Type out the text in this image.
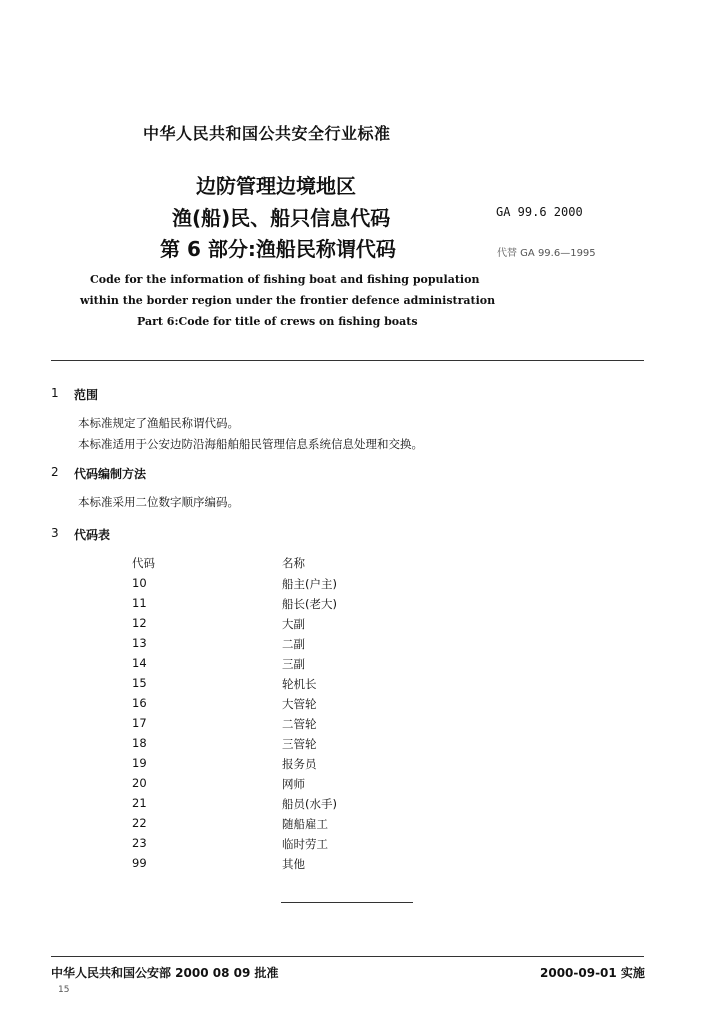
中华人民共和国公共安全行业标准
边防管理边境地区
渔(船)民、船只信息代码
第 6 部分:渔船民称谓代码
GA 99.6 2000
代替 GA 99.6—1995
Code for the information of fishing boat and fishing population
within the border region under the frontier defence administration
Part 6:Code for title of crews on fishing boats
1 范围
本标准规定了渔船民称谓代码。
本标准适用于公安边防沿海船舶船民管理信息系统信息处理和交换。
2 代码编制方法
本标准采用二位数字顺序编码。
3 代码表
代码	名称
10	船主(户主)
11	船长(老大)
12	大副
13	二副
14	三副
15	轮机长
16	大管轮
17	二管轮
18	三管轮
19	报务员
20	网师
21	船员(水手)
22	随船雇工
23	临时劳工
99	其他
中华人民共和国公安部 2000 08 09 批准	2000-09-01 实施
15
